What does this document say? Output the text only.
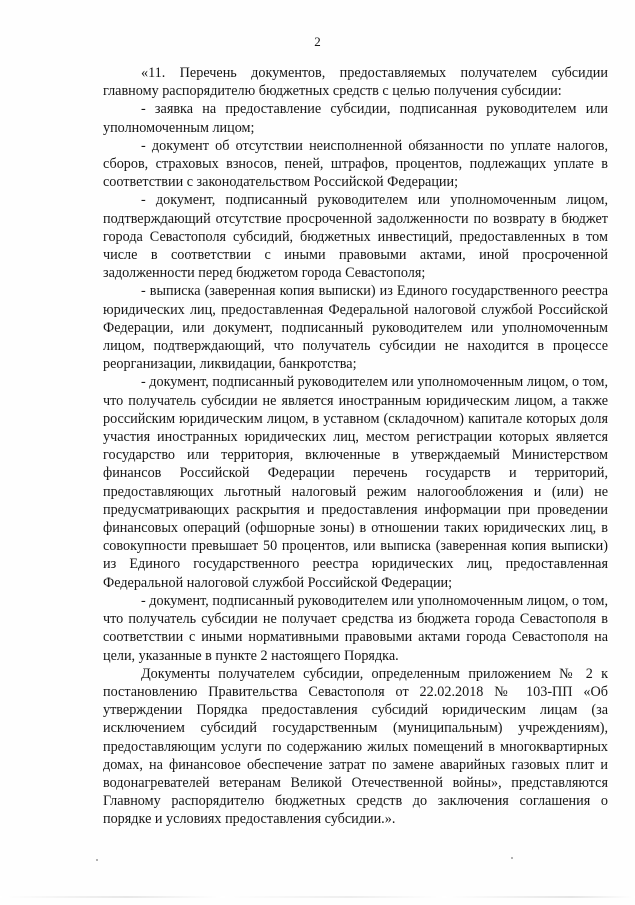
2

«11. Перечень документов, предоставляемых получателем субсидии главному распорядителю бюджетных средств с целью получения субсидии:

- заявка на предоставление субсидии, подписанная руководителем или уполномоченным лицом;

- документ об отсутствии неисполненной обязанности по уплате налогов, сборов, страховых взносов, пеней, штрафов, процентов, подлежащих уплате в соответствии с законодательством Российской Федерации;

- документ, подписанный руководителем или уполномоченным лицом, подтверждающий отсутствие просроченной задолженности по возврату в бюджет города Севастополя субсидий, бюджетных инвестиций, предоставленных в том числе в соответствии с иными правовыми актами, иной просроченной задолженности перед бюджетом города Севастополя;

- выписка (заверенная копия выписки) из Единого государственного реестра юридических лиц, предоставленная Федеральной налоговой службой Российской Федерации, или документ, подписанный руководителем или уполномоченным лицом, подтверждающий, что получатель субсидии не находится в процессе реорганизации, ликвидации, банкротства;

- документ, подписанный руководителем или уполномоченным лицом, о том, что получатель субсидии не является иностранным юридическим лицом, а также российским юридическим лицом, в уставном (складочном) капитале которых доля участия иностранных юридических лиц, местом регистрации которых является государство или территория, включенные в утверждаемый Министерством финансов Российской Федерации перечень государств и территорий, предоставляющих льготный налоговый режим налогообложения и (или) не предусматривающих раскрытия и предоставления информации при проведении финансовых операций (офшорные зоны) в отношении таких юридических лиц, в совокупности превышает 50 процентов, или выписка (заверенная копия выписки) из Единого государственного реестра юридических лиц, предоставленная Федеральной налоговой службой Российской Федерации;

- документ, подписанный руководителем или уполномоченным лицом, о том, что получатель субсидии не получает средства из бюджета города Севастополя в соответствии с иными нормативными правовыми актами города Севастополя на цели, указанные в пункте 2 настоящего Порядка.

Документы получателем субсидии, определенным приложением № 2 к постановлению Правительства Севастополя от 22.02.2018 № 103-ПП «Об утверждении Порядка предоставления субсидий юридическим лицам (за исключением субсидий государственным (муниципальным) учреждениям), предоставляющим услуги по содержанию жилых помещений в многоквартирных домах, на финансовое обеспечение затрат по замене аварийных газовых плит и водонагревателей ветеранам Великой Отечественной войны», представляются Главному распорядителю бюджетных средств до заключения соглашения о порядке и условиях предоставления субсидии.».
